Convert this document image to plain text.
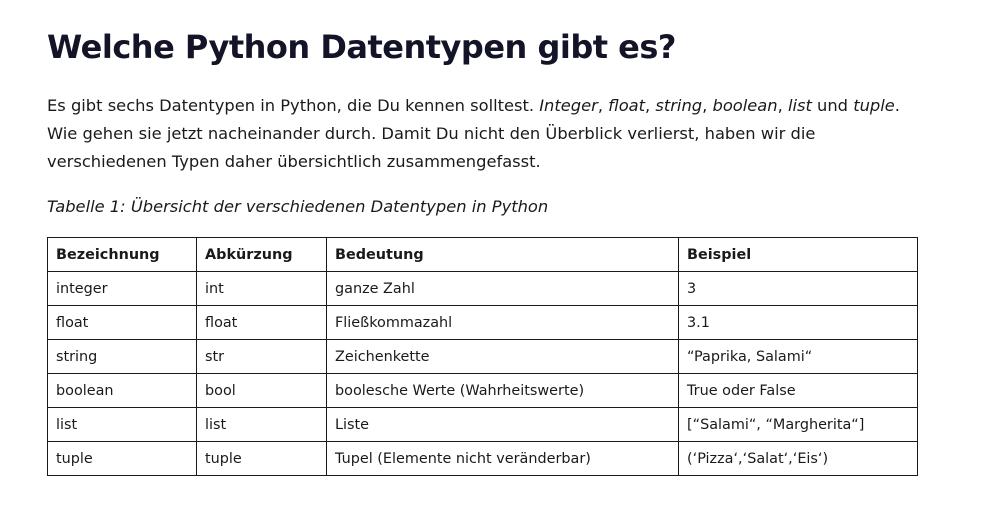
Welche Python Datentypen gibt es?

Es gibt sechs Datentypen in Python, die Du kennen solltest. Integer, float, string, boolean, list und tuple. Wie gehen sie jetzt nacheinander durch. Damit Du nicht den Überblick verlierst, haben wir die verschiedenen Typen daher übersichtlich zusammengefasst.

Tabelle 1: Übersicht der verschiedenen Datentypen in Python

Bezeichnung	Abkürzung	Bedeutung	Beispiel
integer	int	ganze Zahl	3
float	float	Fließkommazahl	3.1
string	str	Zeichenkette	“Paprika, Salami“
boolean	bool	boolesche Werte (Wahrheitswerte)	True oder False
list	list	Liste	[“Salami“, “Margherita“]
tuple	tuple	Tupel (Elemente nicht veränderbar)	(‘Pizza‘,‘Salat‘,‘Eis‘)
